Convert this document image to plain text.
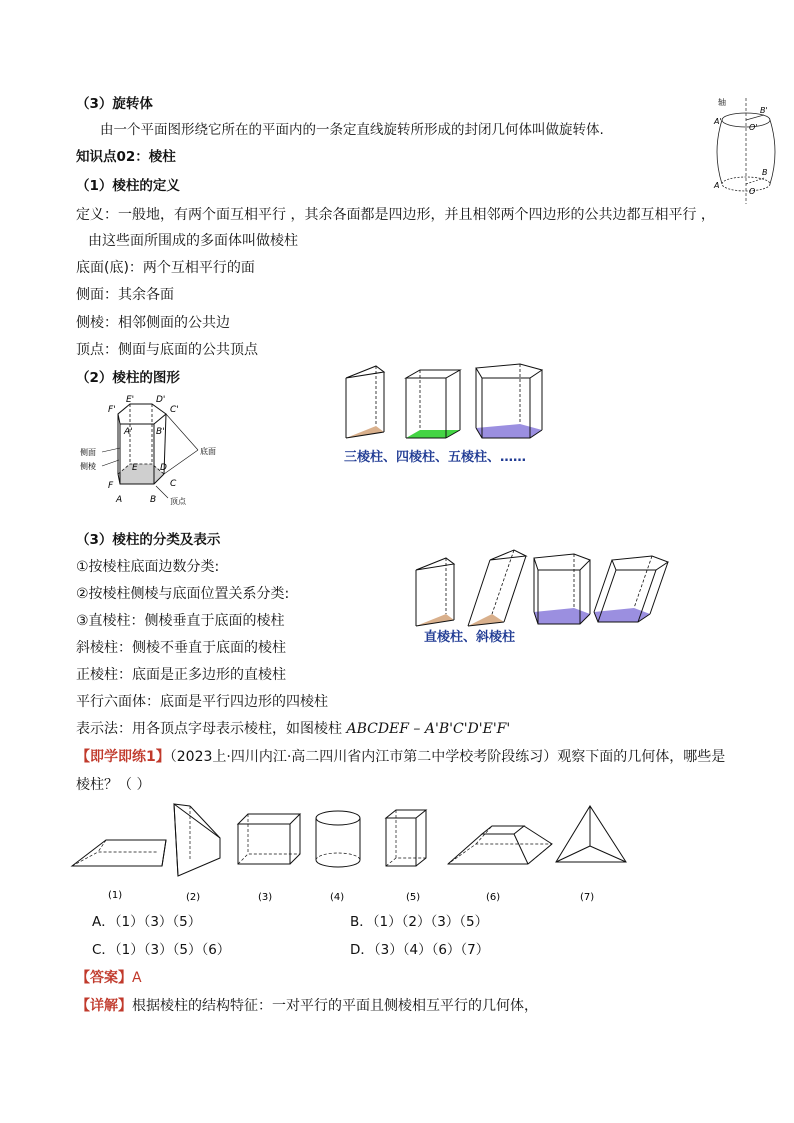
（3）旋转体
由一个平面图形绕它所在的平面内的一条定直线旋转所形成的封闭几何体叫做旋转体.
轴
B'
A'
O'
B
A
O
知识点02：棱柱
（1）棱柱的定义
定义：一般地，有两个面互相平行 ，其余各面都是四边形，并且相邻两个四边形的公共边都互相平行 ，
由这些面所围成的多面体叫做棱柱
底面(底)：两个互相平行的面
侧面：其余各面
侧棱：相邻侧面的公共边
顶点：侧面与底面的公共顶点
（2）棱柱的图形
E' D'
F'	C'
A'	B'
E D
F	C
A	B
侧面
侧棱
底面
顶点
三棱柱、四棱柱、五棱柱、……
（3）棱柱的分类及表示
①按棱柱底面边数分类:
②按棱柱侧棱与底面位置关系分类:
③直棱柱：侧棱垂直于底面的棱柱
斜棱柱：侧棱不垂直于底面的棱柱
正棱柱：底面是正多边形的直棱柱
平行六面体：底面是平行四边形的四棱柱
表示法：用各顶点字母表示棱柱，如图棱柱 ABCDEF – A'B'C'D'E'F'
直棱柱、斜棱柱
【即学即练1】（2023上·四川内江·高二四川省内江市第二中学校考阶段练习）观察下面的几何体，哪些是
棱柱？（ ）
(1)	(2)	(3)	(4)	(5)	(6)	(7)
A．（1）（3）（5）	B．（1）（2）（3）（5）
C．（1）（3）（5）（6）	D．（3）（4）（6）（7）
【答案】A
【详解】根据棱柱的结构特征：一对平行的平面且侧棱相互平行的几何体，
